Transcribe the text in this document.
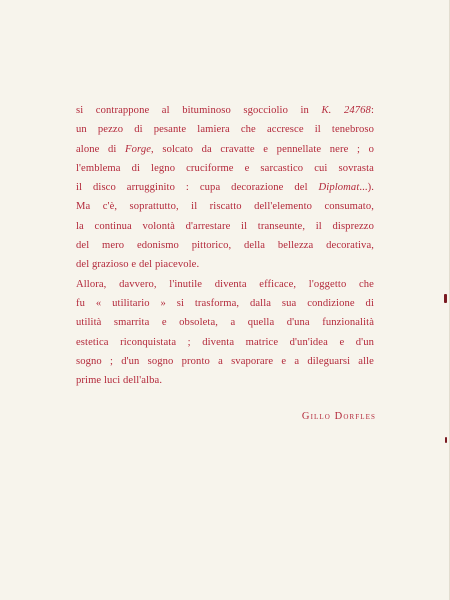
si contrappone al bituminoso sgocciolio in K. 24768:
un pezzo di pesante lamiera che accresce il tenebroso
alone di Forge, solcato da cravatte e pennellate nere ; o
l'emblema di legno cruciforme e sarcastico cui sovrasta
il disco arrugginito : cupa decorazione del Diplomat...).
Ma c'è, soprattutto, il riscatto dell'elemento consumato,
la continua volontà d'arrestare il transeunte, il disprezzo
del mero edonismo pittorico, della bellezza decorativa,
del grazioso e del piacevole.
Allora, davvero, l'inutile diventa efficace, l'oggetto che
fu « utilitario » si trasforma, dalla sua condizione di
utilità smarrita e obsoleta, a quella d'una funzionalità
estetica riconquistata ; diventa matrice d'un'idea e d'un
sogno ; d'un sogno pronto a svaporare e a dileguarsi alle
prime luci dell'alba.
Gillo Dorfles
